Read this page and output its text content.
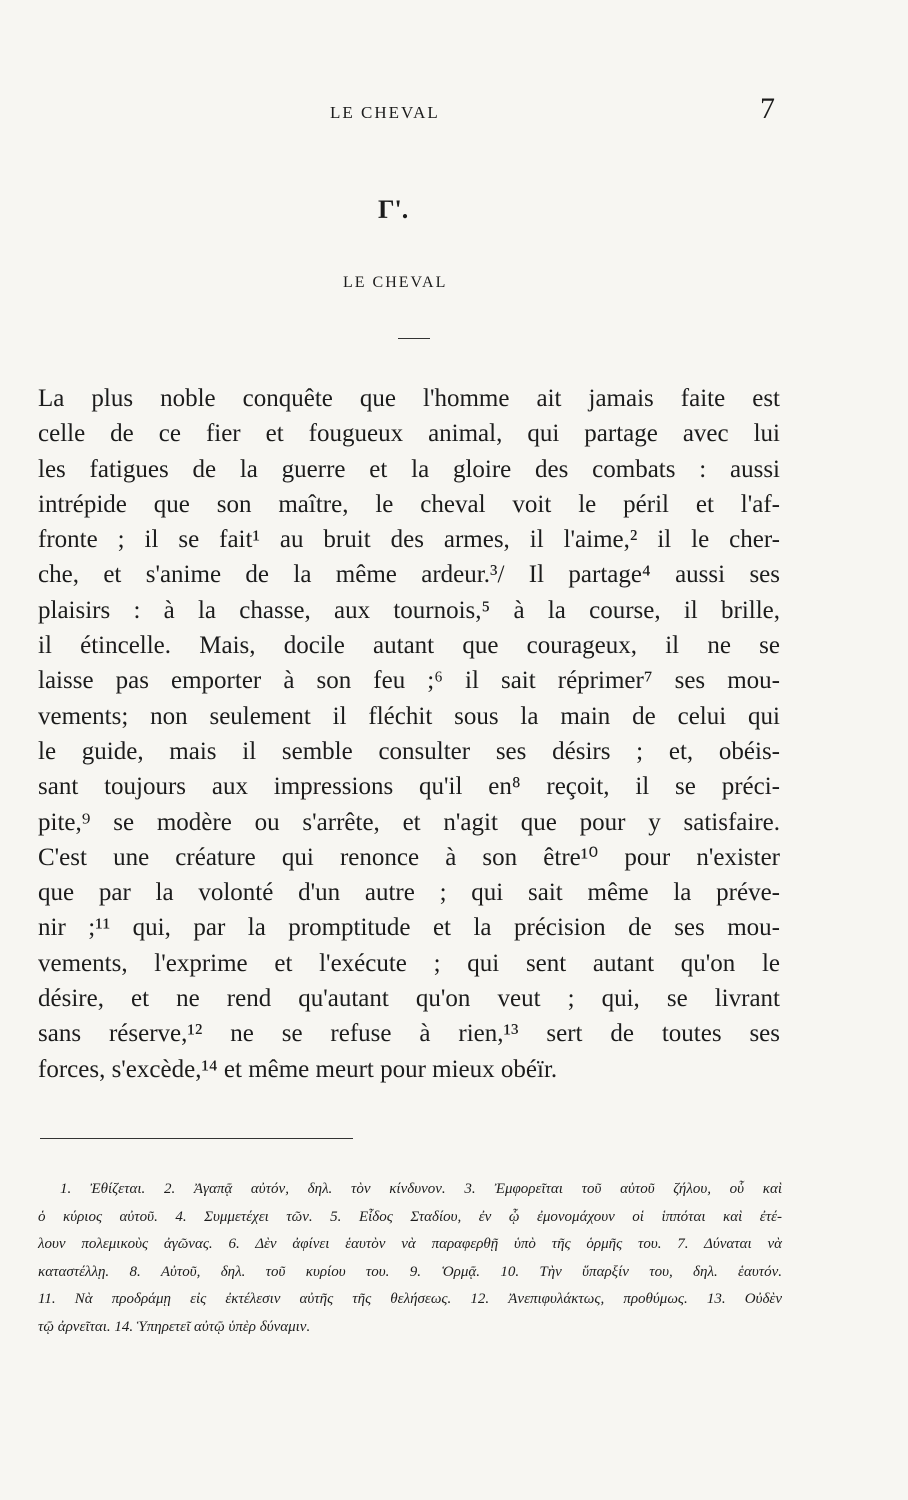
LE CHEVAL	7
Γ'.
LE CHEVAL
La plus noble conquête que l'homme ait jamais faite est
celle de ce fier et fougueux animal, qui partage avec lui
les fatigues de la guerre et la gloire des combats : aussi
intrépide que son maître, le cheval voit le péril et l'af-
fronte ; il se fait¹ au bruit des armes, il l'aime,² il le cher-
che, et s'anime de la même ardeur.³/ Il partage⁴ aussi ses
plaisirs : à la chasse, aux tournois,⁵ à la course, il brille,
il étincelle. Mais, docile autant que courageux, il ne se
laisse pas emporter à son feu ;⁶ il sait réprimer⁷ ses mou-
vements; non seulement il fléchit sous la main de celui qui
le guide, mais il semble consulter ses désirs ; et, obéis-
sant toujours aux impressions qu'il en⁸ reçoit, il se préci-
pite,⁹ se modère ou s'arrête, et n'agit que pour y satisfaire.
C'est une créature qui renonce à son être¹⁰ pour n'exister
que par la volonté d'un autre ; qui sait même la préve-
nir ;¹¹ qui, par la promptitude et la précision de ses mou-
vements, l'exprime et l'exécute ; qui sent autant qu'on le
désire, et ne rend qu'autant qu'on veut ; qui, se livrant
sans réserve,¹² ne se refuse à rien,¹³ sert de toutes ses
forces, s'excède,¹⁴ et même meurt pour mieux obéïr.
1. Ἐθίζεται. 2. Ἀγαπᾷ αὐτόν, δηλ. τὸν κίνδυνον. 3. Ἐμφορεῖται τοῦ αὐτοῦ ζήλου, οὗ καὶ
ὁ κύριος αὐτοῦ. 4. Συμμετέχει τῶν. 5. Εἶδος Σταδίου, ἐν ᾧ ἐμονομάχουν οἱ ἱππόται καὶ ἐτέ-
λουν πολεμικοὺς ἀγῶνας. 6. Δὲν ἀφίνει ἑαυτὸν νὰ παραφερθῇ ὑπὸ τῆς ὁρμῆς του. 7. Δύναται νὰ
καταστέλλῃ. 8. Αὐτοῦ, δηλ. τοῦ κυρίου του. 9. Ὁρμᾷ. 10. Τὴν ὕπαρξίν του, δηλ. ἑαυτόν.
11. Νὰ προδράμῃ εἰς ἐκτέλεσιν αὐτῆς τῆς θελήσεως. 12. Ἀνεπιφυλάκτως, προθύμως. 13. Οὐδὲν
τῷ ἀρνεῖται. 14. Ὑπηρετεῖ αὐτῷ ὑπὲρ δύναμιν.
